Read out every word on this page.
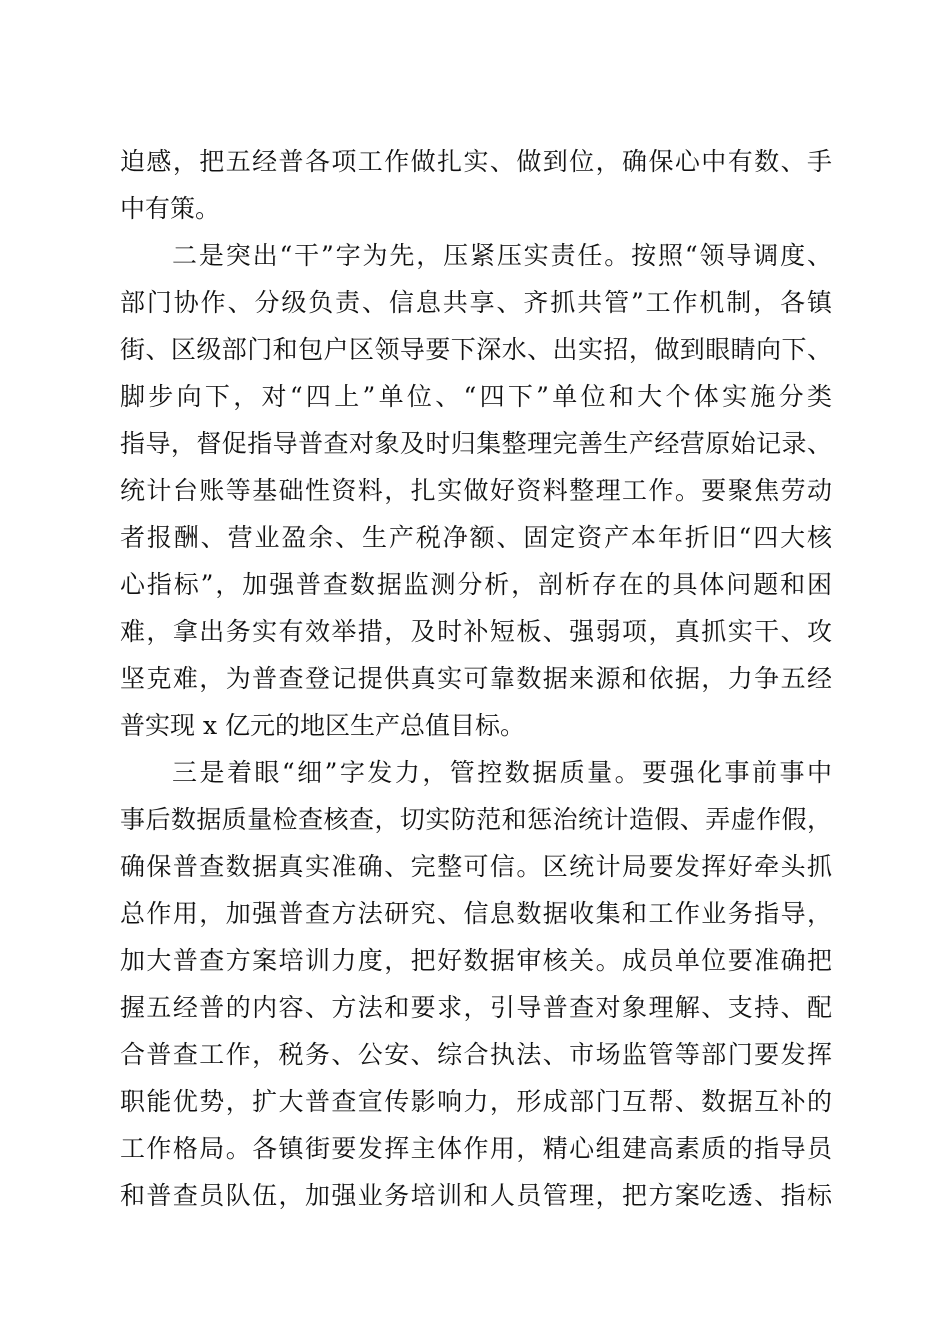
迫感，把五经普各项工作做扎实、做到位，确保心中有数、手
中有策。
二是突出“干”字为先，压紧压实责任。按照“领导调度、
部门协作、分级负责、信息共享、齐抓共管”工作机制，各镇
街、区级部门和包户区领导要下深水、出实招，做到眼睛向下、
脚步向下，对“四上”单位、“四下”单位和大个体实施分类
指导，督促指导普查对象及时归集整理完善生产经营原始记录、
统计台账等基础性资料，扎实做好资料整理工作。要聚焦劳动
者报酬、营业盈余、生产税净额、固定资产本年折旧“四大核
心指标”，加强普查数据监测分析，剖析存在的具体问题和困
难，拿出务实有效举措，及时补短板、强弱项，真抓实干、攻
坚克难，为普查登记提供真实可靠数据来源和依据，力争五经
普实现 x 亿元的地区生产总值目标。
三是着眼“细”字发力，管控数据质量。要强化事前事中
事后数据质量检查核查，切实防范和惩治统计造假、弄虚作假，
确保普查数据真实准确、完整可信。区统计局要发挥好牵头抓
总作用，加强普查方法研究、信息数据收集和工作业务指导，
加大普查方案培训力度，把好数据审核关。成员单位要准确把
握五经普的内容、方法和要求，引导普查对象理解、支持、配
合普查工作，税务、公安、综合执法、市场监管等部门要发挥
职能优势，扩大普查宣传影响力，形成部门互帮、数据互补的
工作格局。各镇街要发挥主体作用，精心组建高素质的指导员
和普查员队伍，加强业务培训和人员管理，把方案吃透、指标
